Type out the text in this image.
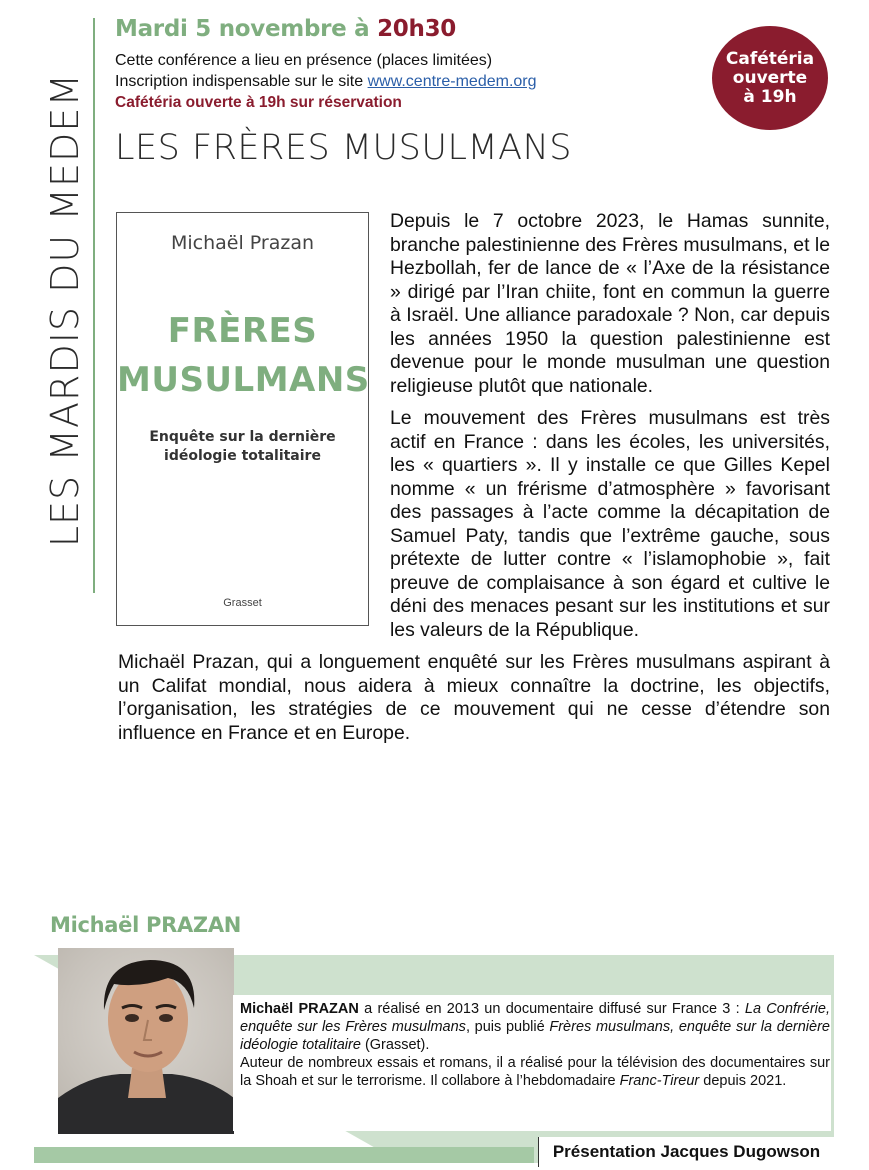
LES MARDIS DU MEDEM
Mardi 5 novembre à 20h30
Cette conférence a lieu en présence (places limitées)
Inscription indispensable sur le site www.centre-medem.org
Cafétéria ouverte à 19h sur réservation
Cafétéria
ouverte
à 19h
LES FRÈRES MUSULMANS
Michaël Prazan
FRÈRES
MUSULMANS
Enquête sur la dernière
idéologie totalitaire
Grasset

Depuis le 7 octobre 2023, le Hamas sunnite, branche palestinienne des Frères musulmans, et le Hezbollah, fer de lance de « l’Axe de la résistance » dirigé par l’Iran chiite, font en commun la guerre à Israël. Une alliance paradoxale ? Non, car depuis les années 1950 la question palestinienne est devenue pour le monde musulman une question religieuse plutôt que nationale.

Le mouvement des Frères musulmans est très actif en France : dans les écoles, les universités, les « quartiers ». Il y installe ce que Gilles Kepel nomme « un frérisme d’atmosphère » favorisant des passages à l’acte comme la décapitation de Samuel Paty, tandis que l’extrême gauche, sous prétexte de lutter contre « l’islamophobie », fait preuve de complaisance à son égard et cultive le déni des menaces pesant sur les institutions et sur les valeurs de la République.

Michaël Prazan, qui a longuement enquêté sur les Frères musulmans aspirant à un Califat mondial, nous aidera à mieux connaître la doctrine, les objectifs, l’organisation, les stratégies de ce mouvement qui ne cesse d’étendre son influence en France et en Europe.

Michaël PRAZAN

Michaël PRAZAN a réalisé en 2013 un documentaire diffusé sur France 3 : La Confrérie, enquête sur les Frères musulmans, puis publié Frères musulmans, enquête sur la dernière idéologie totalitaire (Grasset).

Auteur de nombreux essais et romans, il a réalisé pour la télévision des documentaires sur la Shoah et sur le terrorisme. Il collabore à l’hebdomadaire Franc-Tireur depuis 2021.

Présentation Jacques Dugowson
